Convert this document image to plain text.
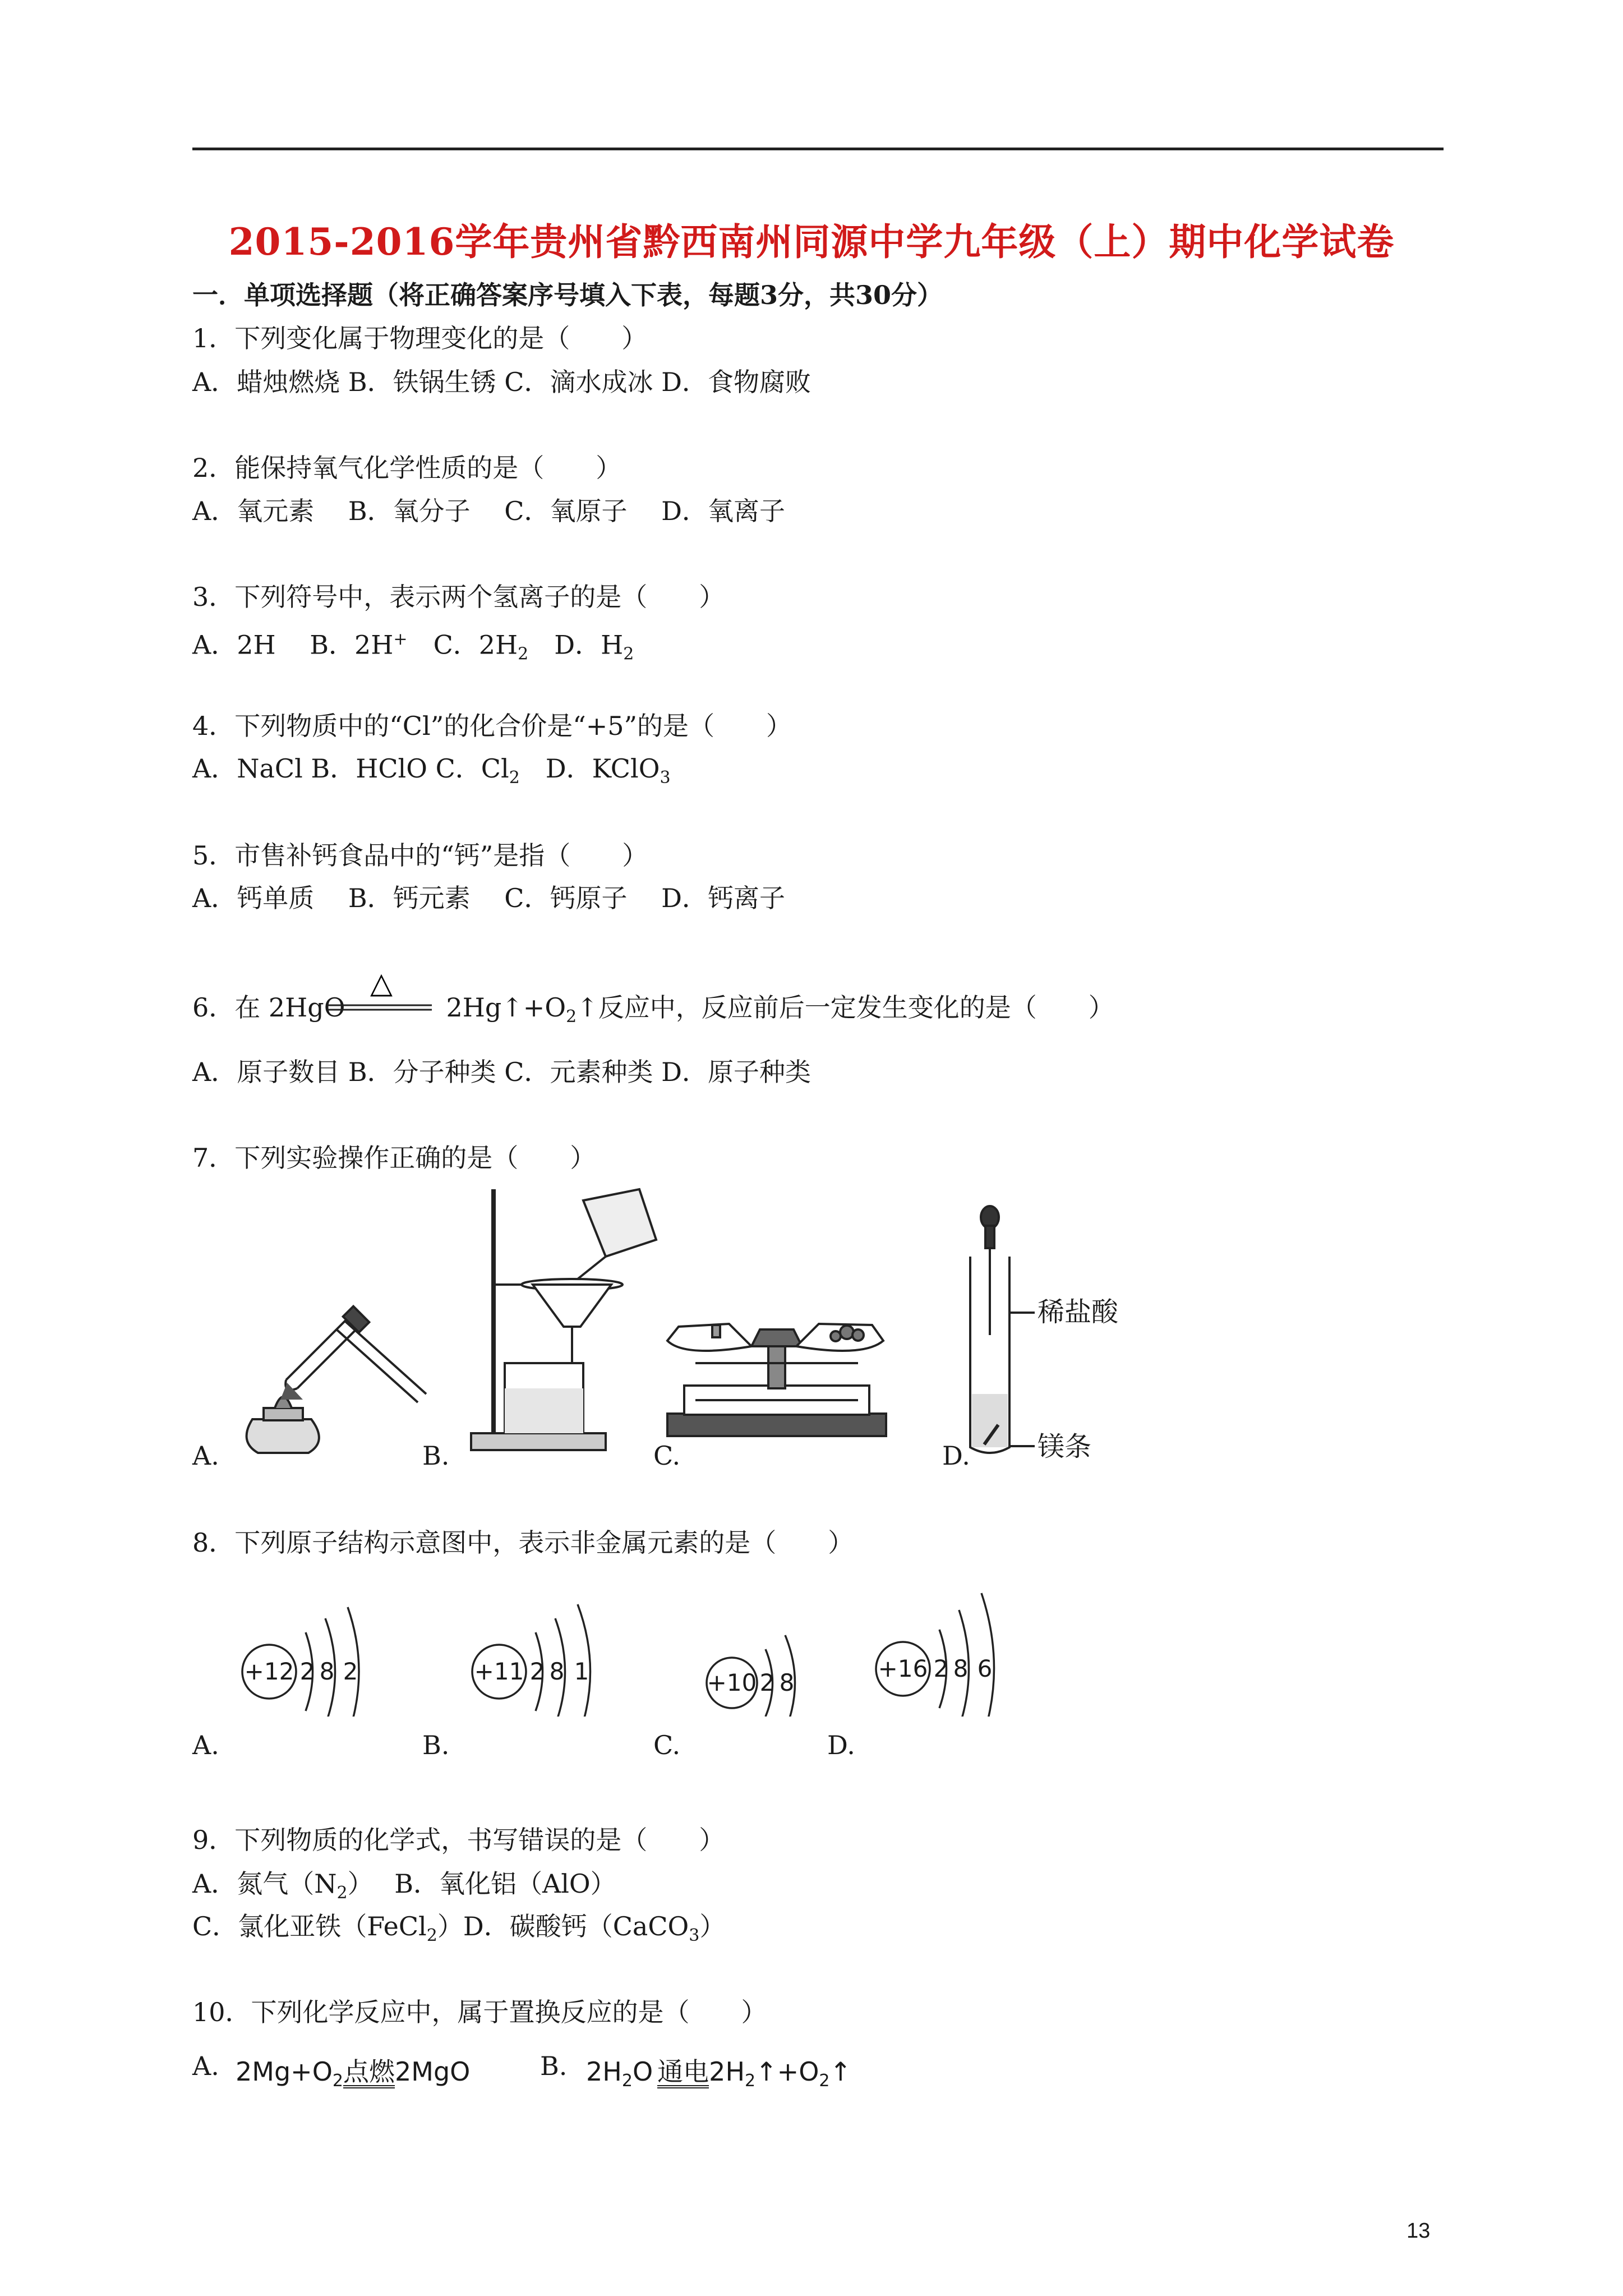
2015-2016学年贵州省黔西南州同源中学九年级（上）期中化学试卷
一．单项选择题（将正确答案序号填入下表，每题3分，共30分）
1．下列变化属于物理变化的是（　　）
A．蜡烛燃烧 B．铁锅生锈 C．滴水成冰 D．食物腐败
2．能保持氧气化学性质的是（　　）
A．氧元素　 B．氧分子　 C．氧原子　 D．氧离子
3．下列符号中，表示两个氢离子的是（　　）
A．2H　 B．2H+　C．$2H_2$　D．$H_2$
4．下列物质中的“Cl”的化合价是“+5”的是（　　）
A．NaCl B．HClO C．$Cl_2$　D．KClO$_3$
5．市售补钙食品中的“钙”是指（　　）
A．钙单质　 B．钙元素　 C．钙原子　 D．钙离子
6．在 2HgO	$2Hg↑+O_2↑$反应中，反应前后一定发生变化的是（　　）
△
A．原子数目 B．分子种类 C．元素种类 D．原子种类
7．下列实验操作正确的是（　　）
稀盐酸
镁条
A.	B.	C.	D.
8．下列原子结构示意图中，表示非金属元素的是（　　）
+12 2 8 2	+11 2 8 1	+10 2 8
+16 2 8 6
A.	B.	C.	D.
9．下列物质的化学式，书写错误的是（　　）
A．氮气$(N_2)$　 B．氧化铝（AlO）
C．氯化亚铁（FeCl$_2$）D．碳酸钙（CaCO$_3$）
10．下列化学反应中，属于置换反应的是（　　）
A. $2Mg+O_2$点燃2MgO	B. $2H_2O$ 通电$2H_2↑+O_2↑$
13
